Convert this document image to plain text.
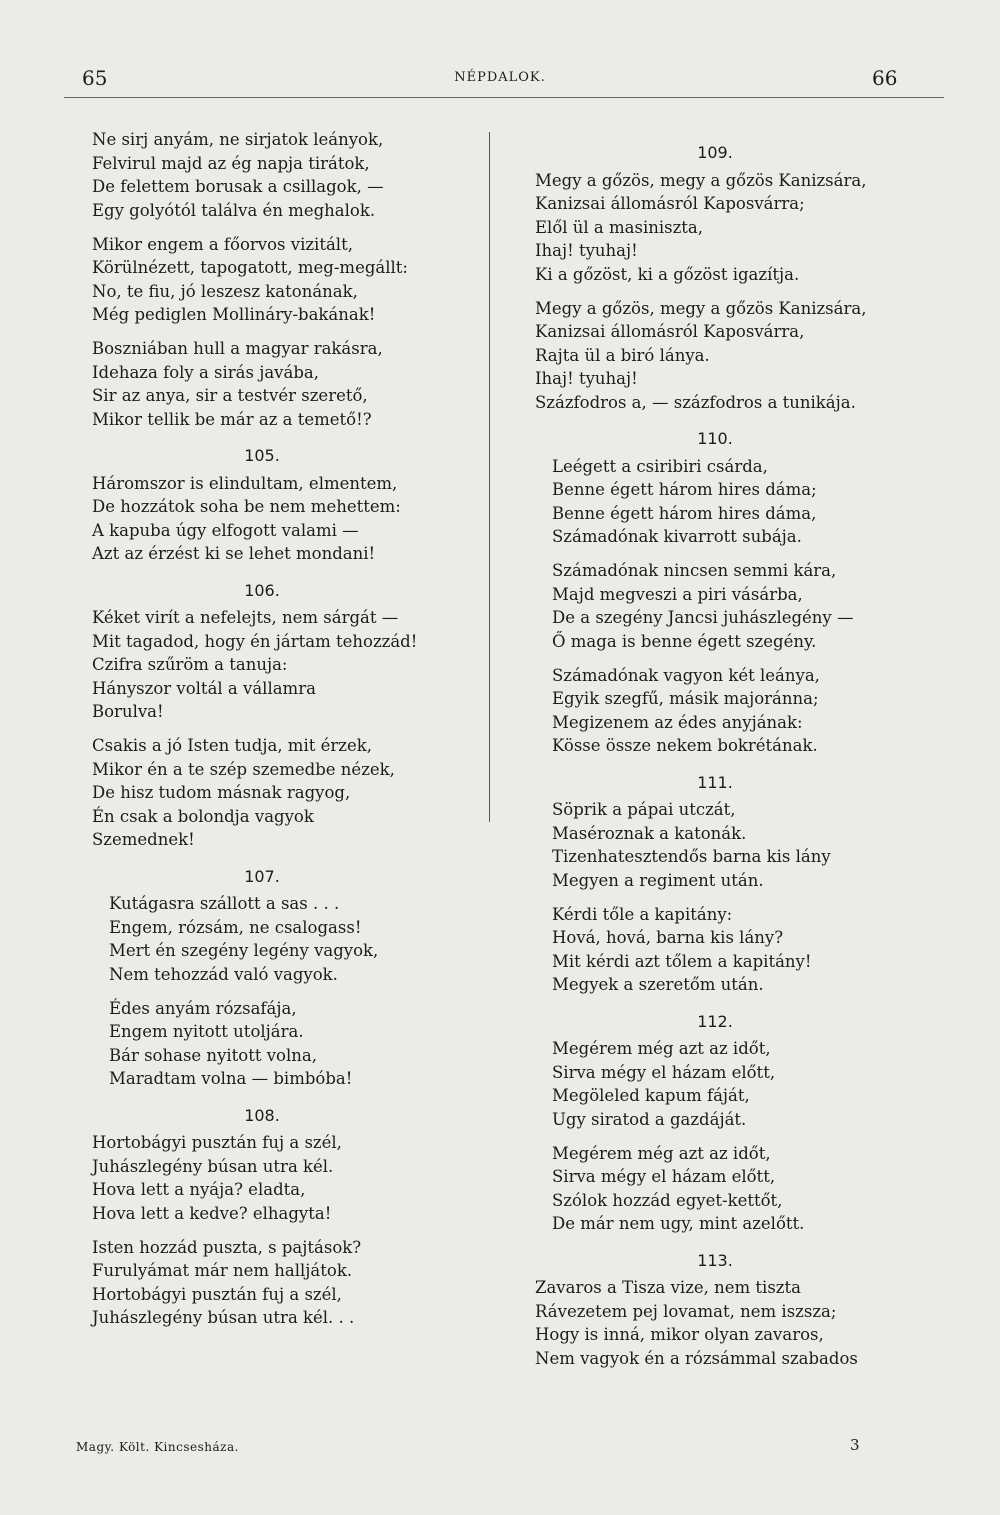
65	NÉPDALOK.	66
Ne sirj anyám, ne sirjatok leányok,
Felvirul majd az ég napja tirátok,
De felettem borusak a csillagok, —
Egy golyótól találva én meghalok.
Mikor engem a főorvos vizitált,
Körülnézett, tapogatott, meg-megállt:
No, te fiu, jó leszesz katonának,
Még pediglen Mollináry-bakának!
Boszniában hull a magyar rakásra,
Idehaza foly a sirás javába,
Sir az anya, sir a testvér szerető,
Mikor tellik be már az a temető!?
105.
Háromszor is elindultam, elmentem,
De hozzátok soha be nem mehettem:
A kapuba úgy elfogott valami —
Azt az érzést ki se lehet mondani!
106.
Kéket virít a nefelejts, nem sárgát —
Mit tagadod, hogy én jártam tehozzád!
Czifra szűröm a tanuja:
Hányszor voltál a vállamra
Borulva!
Csakis a jó Isten tudja, mit érzek,
Mikor én a te szép szemedbe nézek,
De hisz tudom másnak ragyog,
Én csak a bolondja vagyok
Szemednek!
107.
Kutágasra szállott a sas . . .
Engem, rózsám, ne csalogass!
Mert én szegény legény vagyok,
Nem tehozzád való vagyok.
Édes anyám rózsafája,
Engem nyitott utoljára.
Bár sohase nyitott volna,
Maradtam volna — bimbóba!
108.
Hortobágyi pusztán fuj a szél,
Juhászlegény búsan utra kél.
Hova lett a nyája? eladta,
Hova lett a kedve? elhagyta!
Isten hozzád puszta, s pajtások?
Furulyámat már nem halljátok.
Hortobágyi pusztán fuj a szél,
Juhászlegény búsan utra kél. . .
109.
Megy a gőzös, megy a gőzös Kanizsára,
Kanizsai állomásról Kaposvárra;
Elől ül a masiniszta,
Ihaj! tyuhaj!
Ki a gőzöst, ki a gőzöst igazítja.
Megy a gőzös, megy a gőzös Kanizsára,
Kanizsai állomásról Kaposvárra,
Rajta ül a biró lánya.
Ihaj! tyuhaj!
Százfodros a, — százfodros a tunikája.
110.
Leégett a csiribiri csárda,
Benne égett három hires dáma;
Benne égett három hires dáma,
Számadónak kivarrott subája.
Számadónak nincsen semmi kára,
Majd megveszi a piri vásárba,
De a szegény Jancsi juhászlegény —
Ő maga is benne égett szegény.
Számadónak vagyon két leánya,
Egyik szegfű, másik majoránna;
Megizenem az édes anyjának:
Kösse össze nekem bokrétának.
111.
Söprik a pápai utczát,
Maséroznak a katonák.
Tizenhatesztendős barna kis lány
Megyen a regiment után.
Kérdi tőle a kapitány:
Hová, hová, barna kis lány?
Mit kérdi azt tőlem a kapitány!
Megyek a szeretőm után.
112.
Megérem még azt az időt,
Sirva mégy el házam előtt,
Megöleled kapum fáját,
Ugy siratod a gazdáját.
Megérem még azt az időt,
Sirva mégy el házam előtt,
Szólok hozzád egyet-kettőt,
De már nem ugy, mint azelőtt.
113.
Zavaros a Tisza vize, nem tiszta
Rávezetem pej lovamat, nem iszsza;
Hogy is inná, mikor olyan zavaros,
Nem vagyok én a rózsámmal szabados
Magy. Költ. Kincsesháza.	3
